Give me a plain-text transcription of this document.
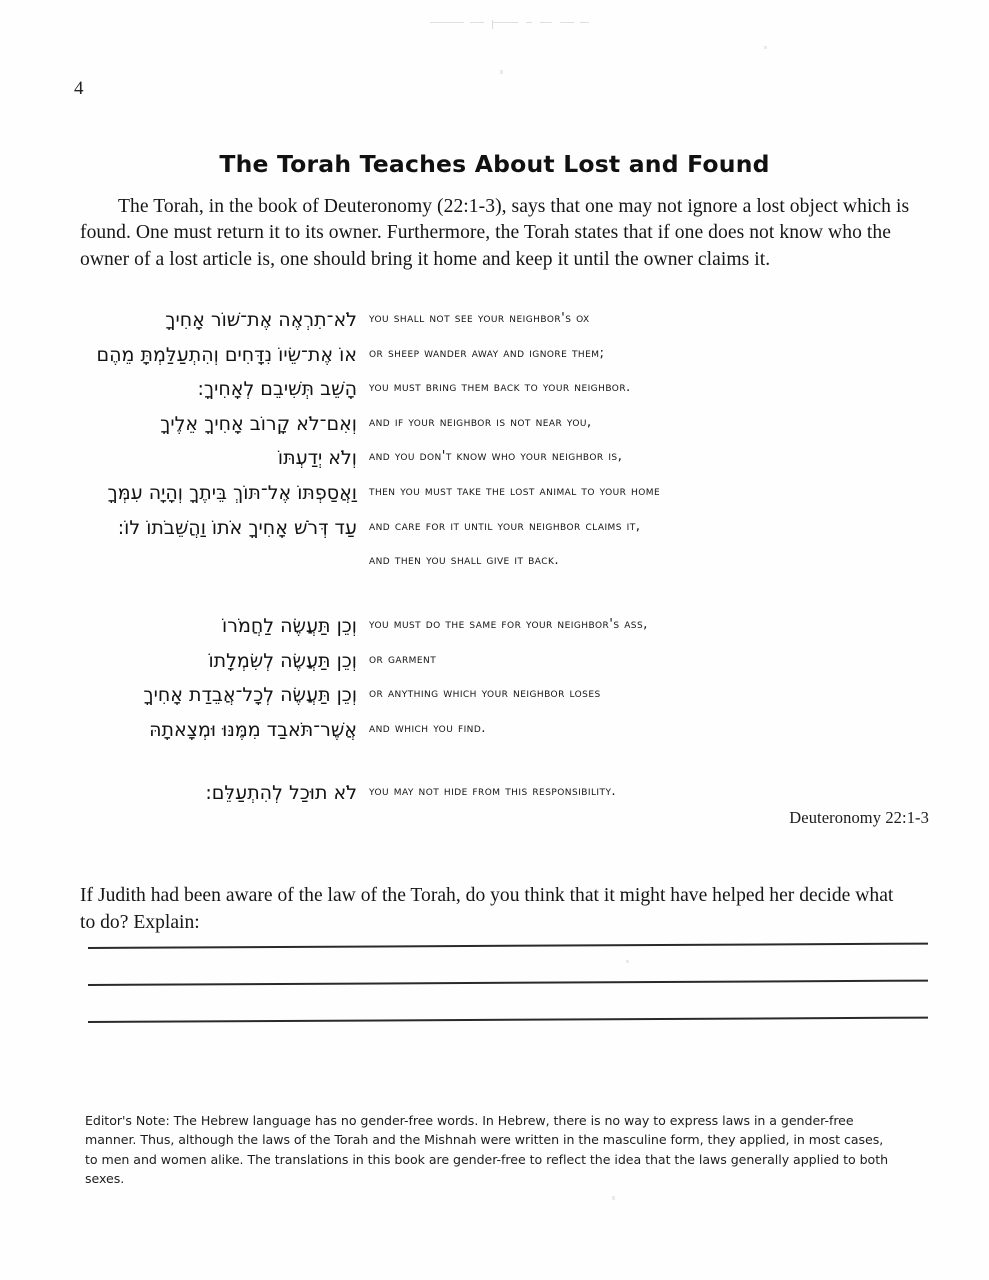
4
The Torah Teaches About Lost and Found

The Torah, in the book of Deuteronomy (22:1-3), says that one may not ignore a lost object which is found. One must return it to its owner. Furthermore, the Torah states that if one does not know who the owner of a lost article is, one should bring it home and keep it until the owner claims it.

לֹא־תִרְאֶה אֶת־שׁוֹר אָחִיךָ you shall not see your neighbor's ox
אוֹ אֶת־שֵׂיוֹ נִדָּחִים וְהִתְעַלַּמְתָּ מֵהֶם or sheep wander away and ignore them;
הָשֵׁב תְּשִׁיבֵם לְאָחִיךָ: you must bring them back to your neighbor.
וְאִם־לֹא קָרוֹב אָחִיךָ אֵלֶיךָ and if your neighbor is not near you,
וְלֹא יְדַעְתּוֹ and you don't know who your neighbor is,
וַאֲסַפְתּוֹ אֶל־תּוֹךְ בֵּיתֶךָ וְהָיָה עִמְּךָ then you must take the lost animal to your home
עַד דְּרֹשׁ אָחִיךָ אֹתוֹ וַהֲשֵׁבֹתוֹ לוֹ: and care for it until your neighbor claims it,
and then you shall give it back.
וְכֵן תַּעֲשֶׂה לַחֲמֹרוֹ you must do the same for your neighbor's ass,
וְכֵן תַּעֲשֶׂה לְשִׂמְלָתוֹ or garment
וְכֵן תַּעֲשֶׂה לְכָל־אֲבֵדַת אָחִיךָ or anything which your neighbor loses
אֲשֶׁר־תֹּאבַד מִמֶּנּוּ וּמְצָאתָהּ and which you find.
לֹא תוּכַל לְהִתְעַלֵּם: you may not hide from this responsibility.
Deuteronomy 22:1-3

If Judith had been aware of the law of the Torah, do you think that it might have helped her decide what to do? Explain:

Editor's Note: The Hebrew language has no gender-free words. In Hebrew, there is no way to express laws in a gender-free manner. Thus, although the laws of the Torah and the Mishnah were written in the masculine form, they applied, in most cases, to men and women alike. The translations in this book are gender-free to reflect the idea that the laws generally applied to both sexes.
